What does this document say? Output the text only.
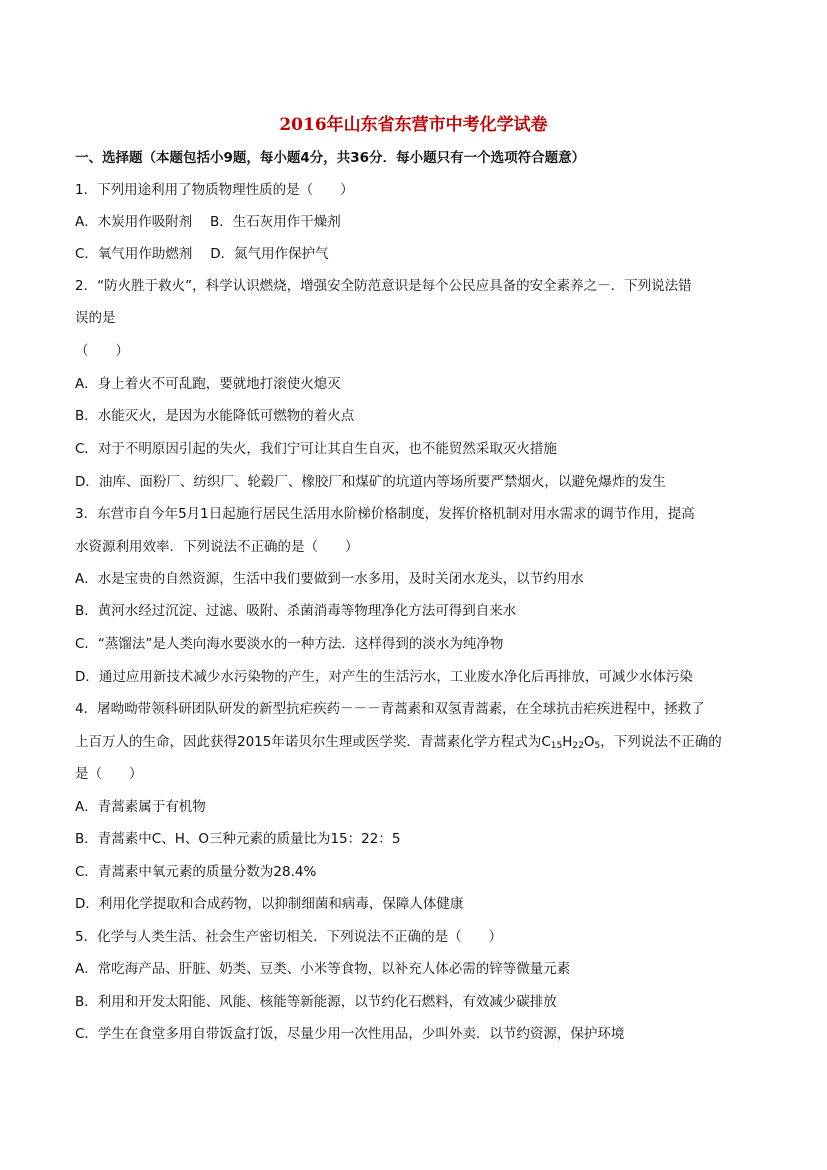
2016年山东省东营市中考化学试卷
一、选择题（本题包括小9题，每小题4分，共36分．每小题只有一个选项符合题意）
1．下列用途利用了物质物理性质的是（　　）
A．木炭用作吸附剂　 B．生石灰用作干燥剂
C．氧气用作助燃剂　 D．氮气用作保护气
2．“防火胜于救火”，科学认识燃烧，增强安全防范意识是每个公民应具备的安全素养之－．下列说法错
误的是
（　　）
A．身上着火不可乱跑，要就地打滚使火熄灭
B．水能灭火，是因为水能降低可燃物的着火点
C．对于不明原因引起的失火，我们宁可让其自生自灭，也不能贸然采取灭火措施
D．油库、面粉厂、纺织厂、轮毂厂、橡胶厂和煤矿的坑道内等场所要严禁烟火，以避免爆炸的发生
3．东营市自今年5月1日起施行居民生活用水阶梯价格制度，发挥价格机制对用水需求的调节作用，提高
水资源利用效率．下列说法不正确的是（　　）
A．水是宝贵的自然资源，生活中我们要做到一水多用，及时关闭水龙头，以节约用水
B．黄河水经过沉淀、过滤、吸附、杀菌消毒等物理净化方法可得到自来水
C．“蒸馏法”是人类向海水要淡水的一种方法．这样得到的淡水为纯净物
D．通过应用新技术减少水污染物的产生，对产生的生活污水，工业废水净化后再排放，可减少水体污染
4．屠呦呦带领科研团队研发的新型抗疟疾药－－－青蒿素和双氢青蒿素，在全球抗击疟疾进程中，拯救了
上百万人的生命，因此获得2015年诺贝尔生理或医学奖．青蒿素化学方程式为$C_{15}H_{22}O_5$，下列说法不正确的
是（　　）
A．青蒿素属于有机物
B．青蒿素中C、H、O三种元素的质量比为15：22：5
C．青蒿素中氧元素的质量分数为28.4%
D．利用化学提取和合成药物，以抑制细菌和病毒，保障人体健康
5．化学与人类生活、社会生产密切相关．下列说法不正确的是（　　）
A．常吃海产品、肝脏、奶类、豆类、小米等食物，以补充人体必需的锌等微量元素
B．利用和开发太阳能、风能、核能等新能源，以节约化石燃料，有效减少碳排放
C．学生在食堂多用自带饭盒打饭，尽量少用一次性用品，少叫外卖．以节约资源，保护环境
